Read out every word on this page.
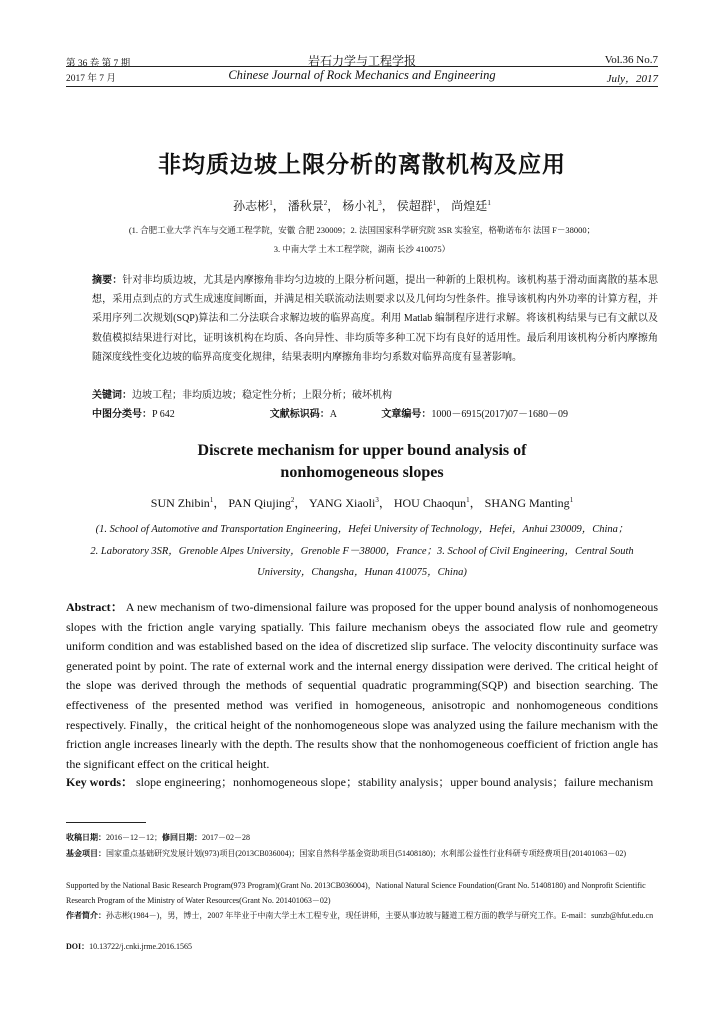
第 36 卷 第 7 期
2017 年 7 月
岩石力学与工程学报
Chinese Journal of Rock Mechanics and Engineering
Vol.36 No.7
July，2017
非均质边坡上限分析的离散机构及应用
孙志彬$^1$， 潘秋景$^2$， 杨小礼$^3$， 侯超群$^1$， 尚煌廷$^1$
(1. 合肥工业大学 汽车与交通工程学院，安徽 合肥 230009；2. 法国国家科学研究院 3SR 实验室，格勒诺布尔 法国 F－38000；
3. 中南大学 土木工程学院，湖南 长沙 410075）
摘要：针对非均质边坡，尤其是内摩擦角非均匀边坡的上限分析问题，提出一种新的上限机构。该机构基于滑动面离散的基本思想，采用点到点的方式生成速度间断面，并满足相关联流动法则要求以及几何均匀性条件。推导该机构内外功率的计算方程，并采用序列二次规划(SQP)算法和二分法联合求解边坡的临界高度。利用 Matlab 编制程序进行求解。将该机构结果与已有文献以及数值模拟结果进行对比，证明该机构在均质、各向异性、非均质等多种工况下均有良好的适用性。最后利用该机构分析内摩擦角随深度线性变化边坡的临界高度变化规律，结果表明内摩擦角非均匀系数对临界高度有显著影响。
关键词：边坡工程；非均质边坡；稳定性分析；上限分析；破坏机构
中图分类号：P 642	文献标识码：A	文章编号：1000－6915(2017)07－1680－09
Discrete mechanism for upper bound analysis of
nonhomogeneous slopes
SUN Zhibin$^1$， PAN Qiujing$^2$， YANG Xiaoli$^3$， HOU Chaoqun$^1$， SHANG Manting$^1$
(1. School of Automotive and Transportation Engineering，Hefei University of Technology，Hefei，Anhui 230009，China；
2. Laboratory 3SR，Grenoble Alpes University，Grenoble F－38000，France；3. School of Civil Engineering，Central South
University，Changsha，Hunan 410075，China)
Abstract： A new mechanism of two-dimensional failure was proposed for the upper bound analysis of nonhomogeneous slopes with the friction angle varying spatially. This failure mechanism obeys the associated flow rule and geometry uniform condition and was established based on the idea of discretized slip surface. The velocity discontinuity surface was generated point by point. The rate of external work and the internal energy dissipation were derived. The critical height of the slope was derived through the methods of sequential quadratic programming(SQP) and bisection searching. The effectiveness of the presented method was verified in homogeneous, anisotropic and nonhomogeneous conditions respectively. Finally，the critical height of the nonhomogeneous slope was analyzed using the failure mechanism with the friction angle increases linearly with the depth. The results show that the nonhomogeneous coefficient of friction angle has the significant effect on the critical height.
Key words： slope engineering；nonhomogeneous slope；stability analysis；upper bound analysis；failure mechanism
收稿日期：2016－12－12；修回日期：2017－02－28
基金项目：国家重点基础研究发展计划(973)项目(2013CB036004)；国家自然科学基金资助项目(51408180)；水利部公益性行业科研专项经费项目(201401063－02)
Supported by the National Basic Research Program(973 Program)(Grant No. 2013CB036004)，National Natural Science Foundation(Grant No. 51408180) and Nonprofit Scientific Research Program of the Ministry of Water Resources(Grant No. 201401063－02)
作者简介：孙志彬(1984－)，男，博士，2007 年毕业于中南大学土木工程专业，现任讲师，主要从事边坡与隧道工程方面的教学与研究工作。E-mail：sunzb@hfut.edu.cn
DOI：10.13722/j.cnki.jrme.2016.1565
